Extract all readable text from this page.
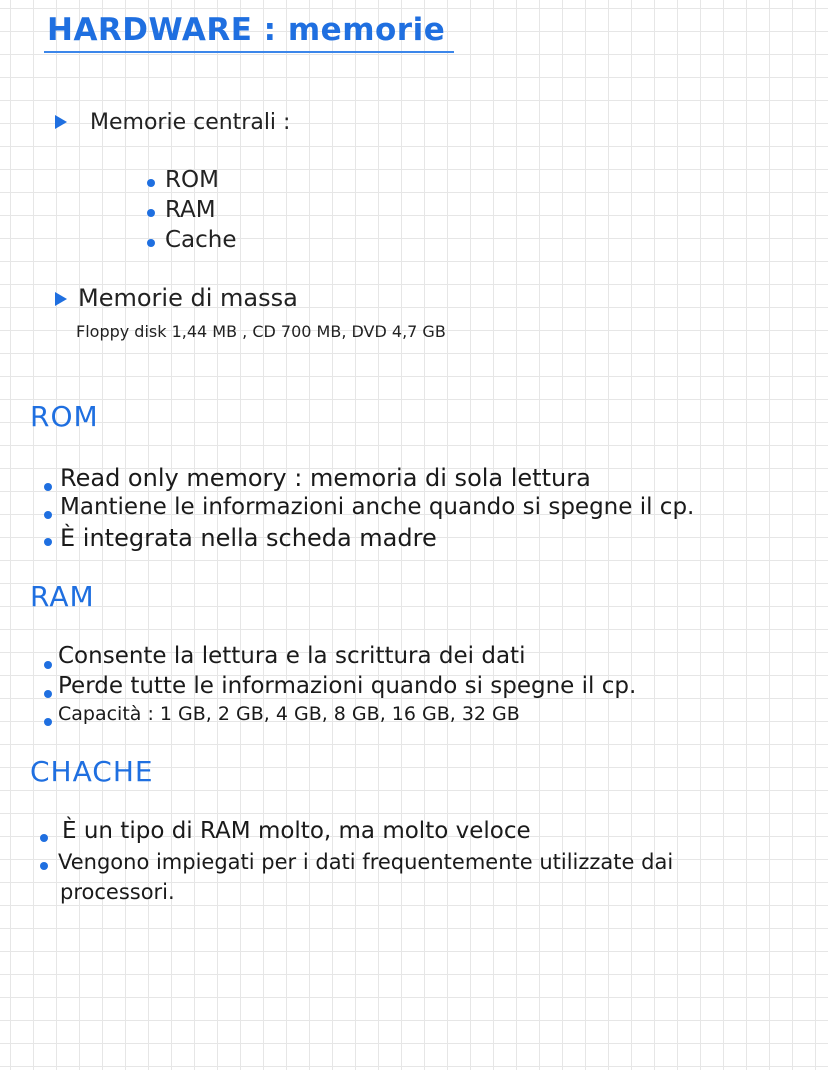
HARDWARE : memorie
Memorie centrali :
ROM
RAM
Cache
Memorie di massa
Floppy disk 1,44 MB , CD 700 MB, DVD 4,7 GB
ROM
Read only memory : memoria di sola lettura
Mantiene le informazioni anche quando si spegne il cp.
È integrata nella scheda madre
RAM
Consente la lettura e la scrittura dei dati
Perde tutte le informazioni quando si spegne il cp.
Capacità : 1 GB, 2 GB, 4 GB, 8 GB, 16 GB, 32 GB
CHACHE
È un tipo di RAM molto, ma molto veloce
Vengono impiegati per i dati frequentemente utilizzate dai
processori.
